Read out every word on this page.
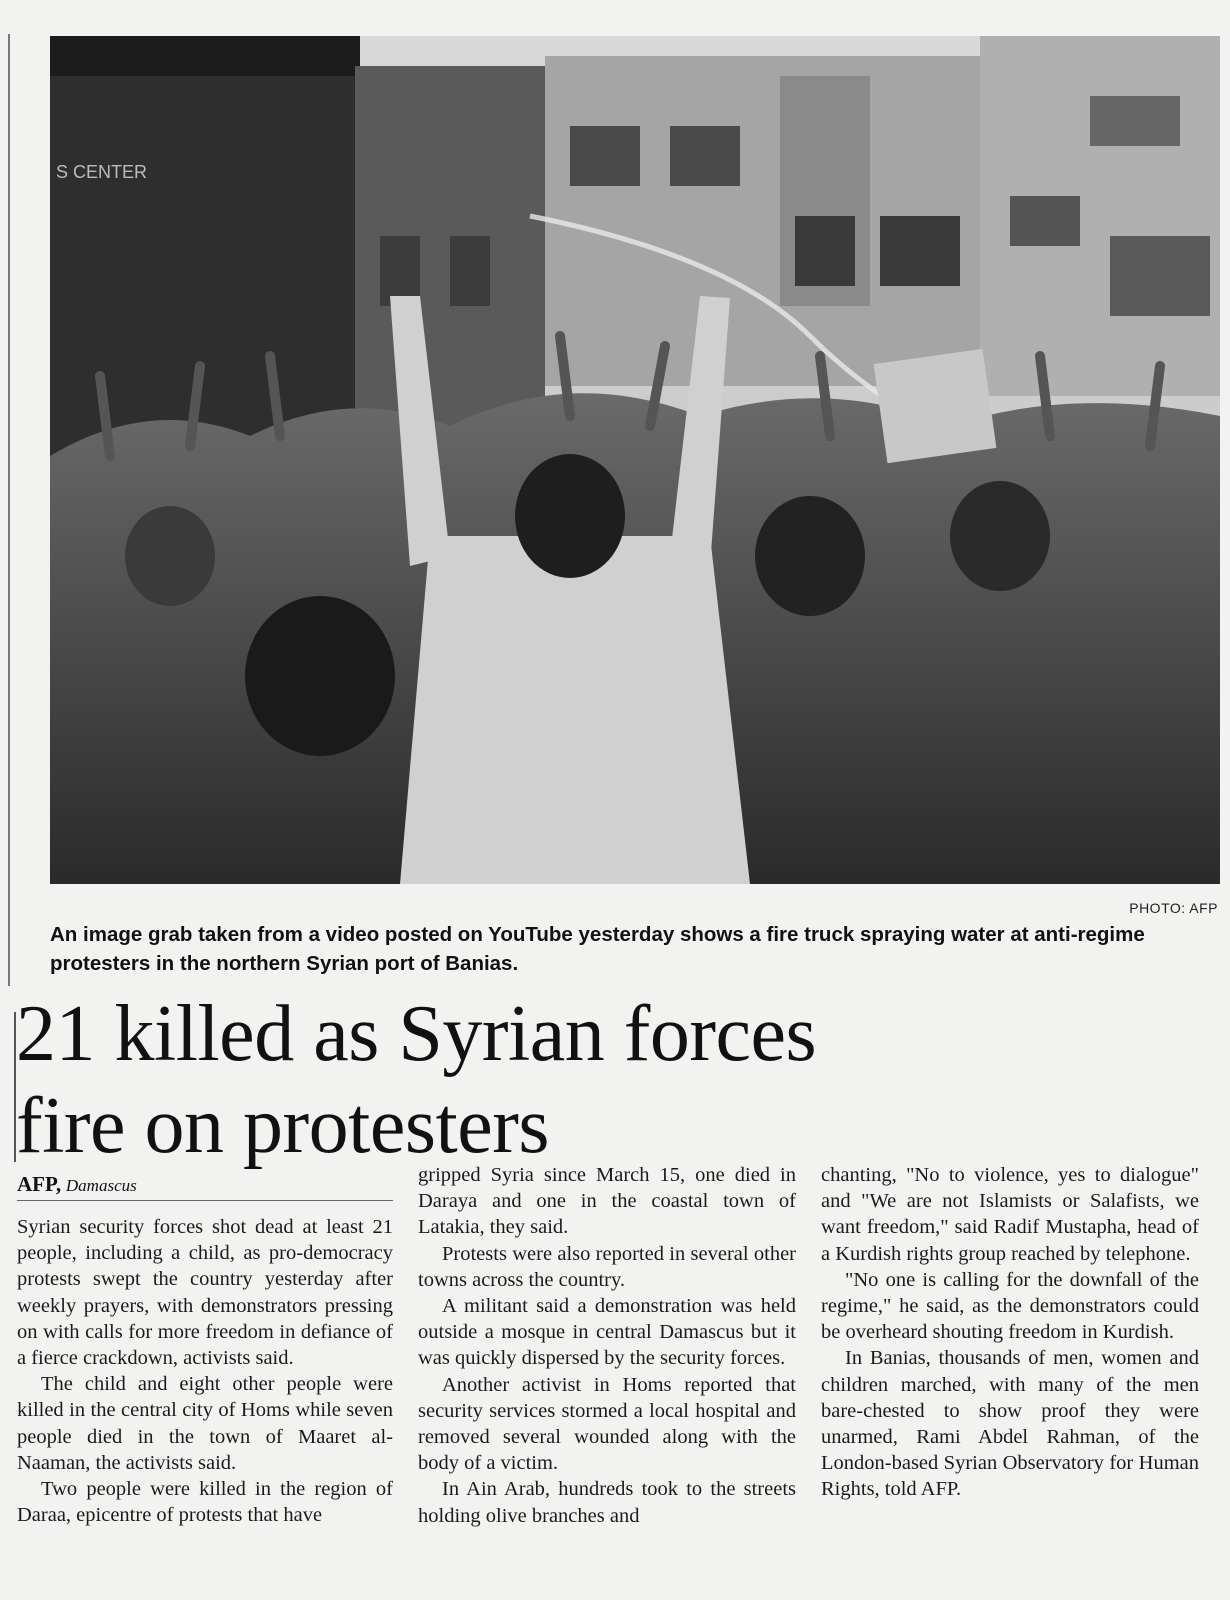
S CENTER
PHOTO: AFP
An image grab taken from a video posted on YouTube yesterday shows a fire truck spraying water at anti-regime protesters in the northern Syrian port of Banias.
21 killed as Syrian forces
fire on protesters
AFP, Damascus

Syrian security forces shot dead at least 21 people, including a child, as pro-democracy protests swept the country yesterday after weekly prayers, with demonstrators pressing on with calls for more freedom in defiance of a fierce crackdown, activists said.

The child and eight other people were killed in the central city of Homs while seven people died in the town of Maaret al-Naaman, the activists said.

Two people were killed in the region of Daraa, epicentre of protests that have

gripped Syria since March 15, one died in Daraya and one in the coastal town of Latakia, they said.

Protests were also reported in several other towns across the country.

A militant said a demonstration was held outside a mosque in central Damascus but it was quickly dispersed by the security forces.

Another activist in Homs reported that security services stormed a local hospital and removed several wounded along with the body of a victim.

In Ain Arab, hundreds took to the streets holding olive branches and

chanting, "No to violence, yes to dialogue" and "We are not Islamists or Salafists, we want freedom," said Radif Mustapha, head of a Kurdish rights group reached by telephone.

"No one is calling for the downfall of the regime," he said, as the demonstrators could be overheard shouting freedom in Kurdish.

In Banias, thousands of men, women and children marched, with many of the men bare-chested to show proof they were unarmed, Rami Abdel Rahman, of the London-based Syrian Observatory for Human Rights, told AFP.
